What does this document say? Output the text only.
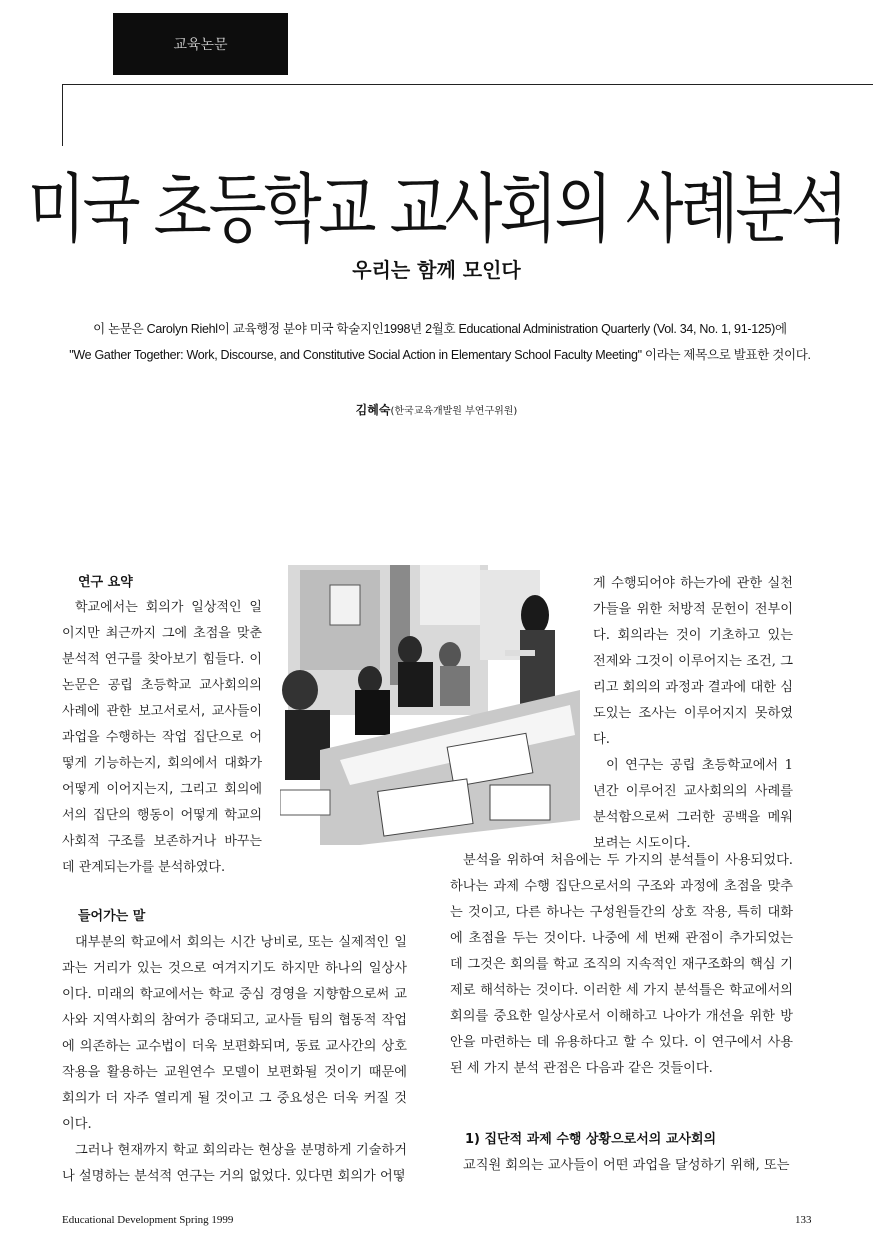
교육논문
미국 초등학교 교사회의 사례분석
우리는 함께 모인다
이 논문은 Carolyn Riehl이 교육행정 분야 미국 학술지인1998년 2월호 Educational Administration Quarterly (Vol. 34, No. 1, 91-125)에
"We Gather Together: Work, Discourse, and Constitutive Social Action in Elementary School Faculty Meeting" 이라는 제목으로 발표한 것이다.
김혜숙(한국교육개발원 부연구위원)
연구 요약

학교에서는 회의가 일상적인 일이지만 최근까지 그에 초점을 맞춘 분석적 연구를 찾아보기 힘들다. 이 논문은 공립 초등학교 교사회의의 사례에 관한 보고서로서, 교사들이 과업을 수행하는 작업 집단으로 어떻게 기능하는지, 회의에서 대화가 어떻게 이어지는지, 그리고 회의에서의 집단의 행동이 어떻게 학교의 사회적 구조를 보존하거나 바꾸는 데 관계되는가를 분석하였다.

게 수행되어야 하는가에 관한 실천가들을 위한 처방적 문헌이 전부이다. 회의라는 것이 기초하고 있는 전제와 그것이 이루어지는 조건, 그리고 회의의 과정과 결과에 대한 심도있는 조사는 이루어지지 못하였다.

이 연구는 공립 초등학교에서 1년간 이루어진 교사회의의 사례를 분석함으로써 그러한 공백을 메워보려는 시도이다.

분석을 위하여 처음에는 두 가지의 분석틀이 사용되었다. 하나는 과제 수행 집단으로서의 구조와 과정에 초점을 맞추는 것이고, 다른 하나는 구성원들간의 상호 작용, 특히 대화에 초점을 두는 것이다. 나중에 세 번째 관점이 추가되었는데 그것은 회의를 학교 조직의 지속적인 재구조화의 핵심 기제로 해석하는 것이다. 이러한 세 가지 분석틀은 학교에서의 회의를 중요한 일상사로서 이해하고 나아가 개선을 위한 방안을 마련하는 데 유용하다고 할 수 있다. 이 연구에서 사용된 세 가지 분석 관점은 다음과 같은 것들이다.

들어가는 말

대부분의 학교에서 회의는 시간 낭비로, 또는 실제적인 일과는 거리가 있는 것으로 여겨지기도 하지만 하나의 일상사이다. 미래의 학교에서는 학교 중심 경영을 지향함으로써 교사와 지역사회의 참여가 증대되고, 교사들 팀의 협동적 작업에 의존하는 교수법이 더욱 보편화되며, 동료 교사간의 상호 작용을 활용하는 교원연수 모델이 보편화될 것이기 때문에 회의가 더 자주 열리게 될 것이고 그 중요성은 더욱 커질 것이다.

그러나 현재까지 학교 회의라는 현상을 분명하게 기술하거나 설명하는 분석적 연구는 거의 없었다. 있다면 회의가 어떻

1) 집단적 과제 수행 상황으로서의 교사회의

교직원 회의는 교사들이 어떤 과업을 달성하기 위해, 또는

Educational Development Spring 1999	133
